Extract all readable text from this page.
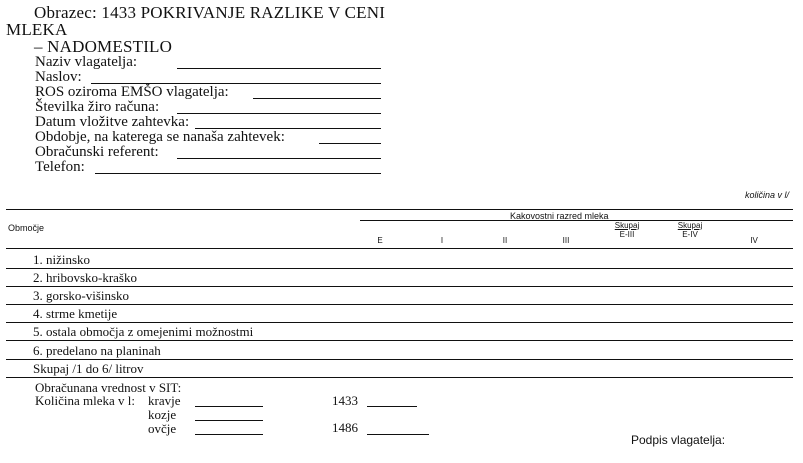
Obrazec: 1433 POKRIVANJE RAZLIKE V CENI
MLEKA
– NADOMESTILO
Naziv vlagatelja:
Naslov:
ROS oziroma EMŠO vlagatelja:
Številka žiro računa:
Datum vložitve zahtevka:
Obdobje, na katerega se nanaša zahtevek:
Obračunski referent:
Telefon:
količina v l/
Območje
Kakovostni razred mleka
E	I	II
Skupaj
E-III
III
Skupaj
E-IV
IV
1. nižinsko
2. hribovsko-kraško
3. gorsko-višinsko
4. strme kmetije
5. ostala območja z omejenimi možnostmi
6. predelano na planinah
Skupaj /1 do 6/ litrov
Obračunana vrednost v SIT:
Količina mleka v l: kravje
kozje
ovčje
1433
1486
Podpis vlagatelja:
